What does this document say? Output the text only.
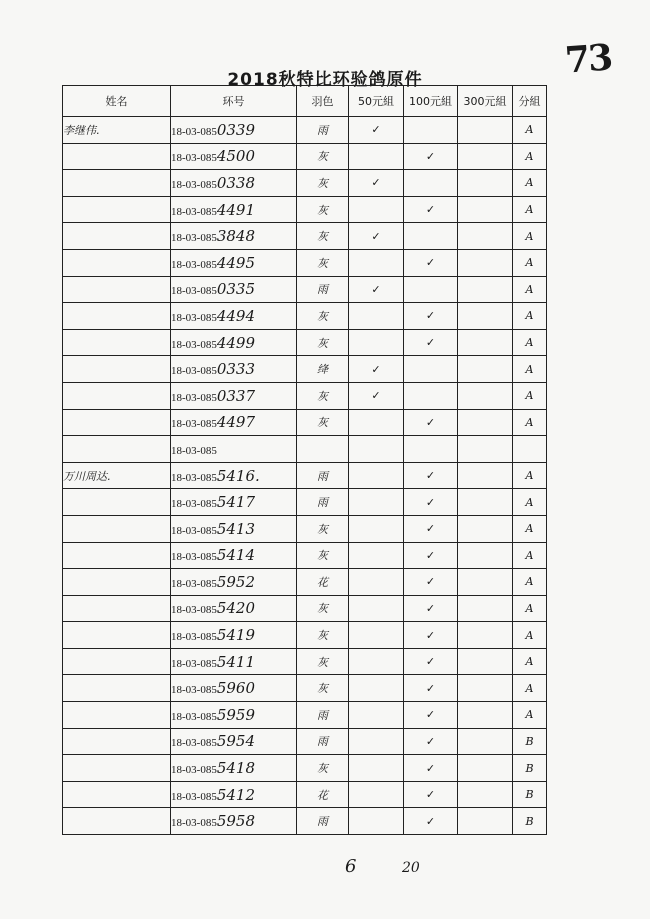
73
2018秋特比环验鸽原件
姓名	环号	羽色	50元組	100元組	300元組	分組
李继伟.	18-03-0850339	雨	✓			A
	18-03-0854500	灰		✓		A
	18-03-0850338	灰	✓			A
	18-03-0854491	灰		✓		A
	18-03-0853848	灰	✓			A
	18-03-0854495	灰		✓		A
	18-03-0850335	雨	✓			A
	18-03-0854494	灰		✓		A
	18-03-0854499	灰		✓		A
	18-03-0850333	绛	✓			A
	18-03-0850337	灰	✓			A
	18-03-0854497	灰		✓		A
	18-03-085					
万川周达.	18-03-0855416.	雨		✓		A
	18-03-0855417	雨		✓		A
	18-03-0855413	灰		✓		A
	18-03-0855414	灰		✓		A
	18-03-0855952	花		✓		A
	18-03-0855420	灰		✓		A
	18-03-0855419	灰		✓		A
	18-03-0855411	灰		✓		A
	18-03-0855960	灰		✓		A
	18-03-0855959	雨		✓		A
	18-03-0855954	雨		✓		B
	18-03-0855418	灰		✓		B
	18-03-0855412	花		✓		B
	18-03-0855958	雨		✓		B
6	20
